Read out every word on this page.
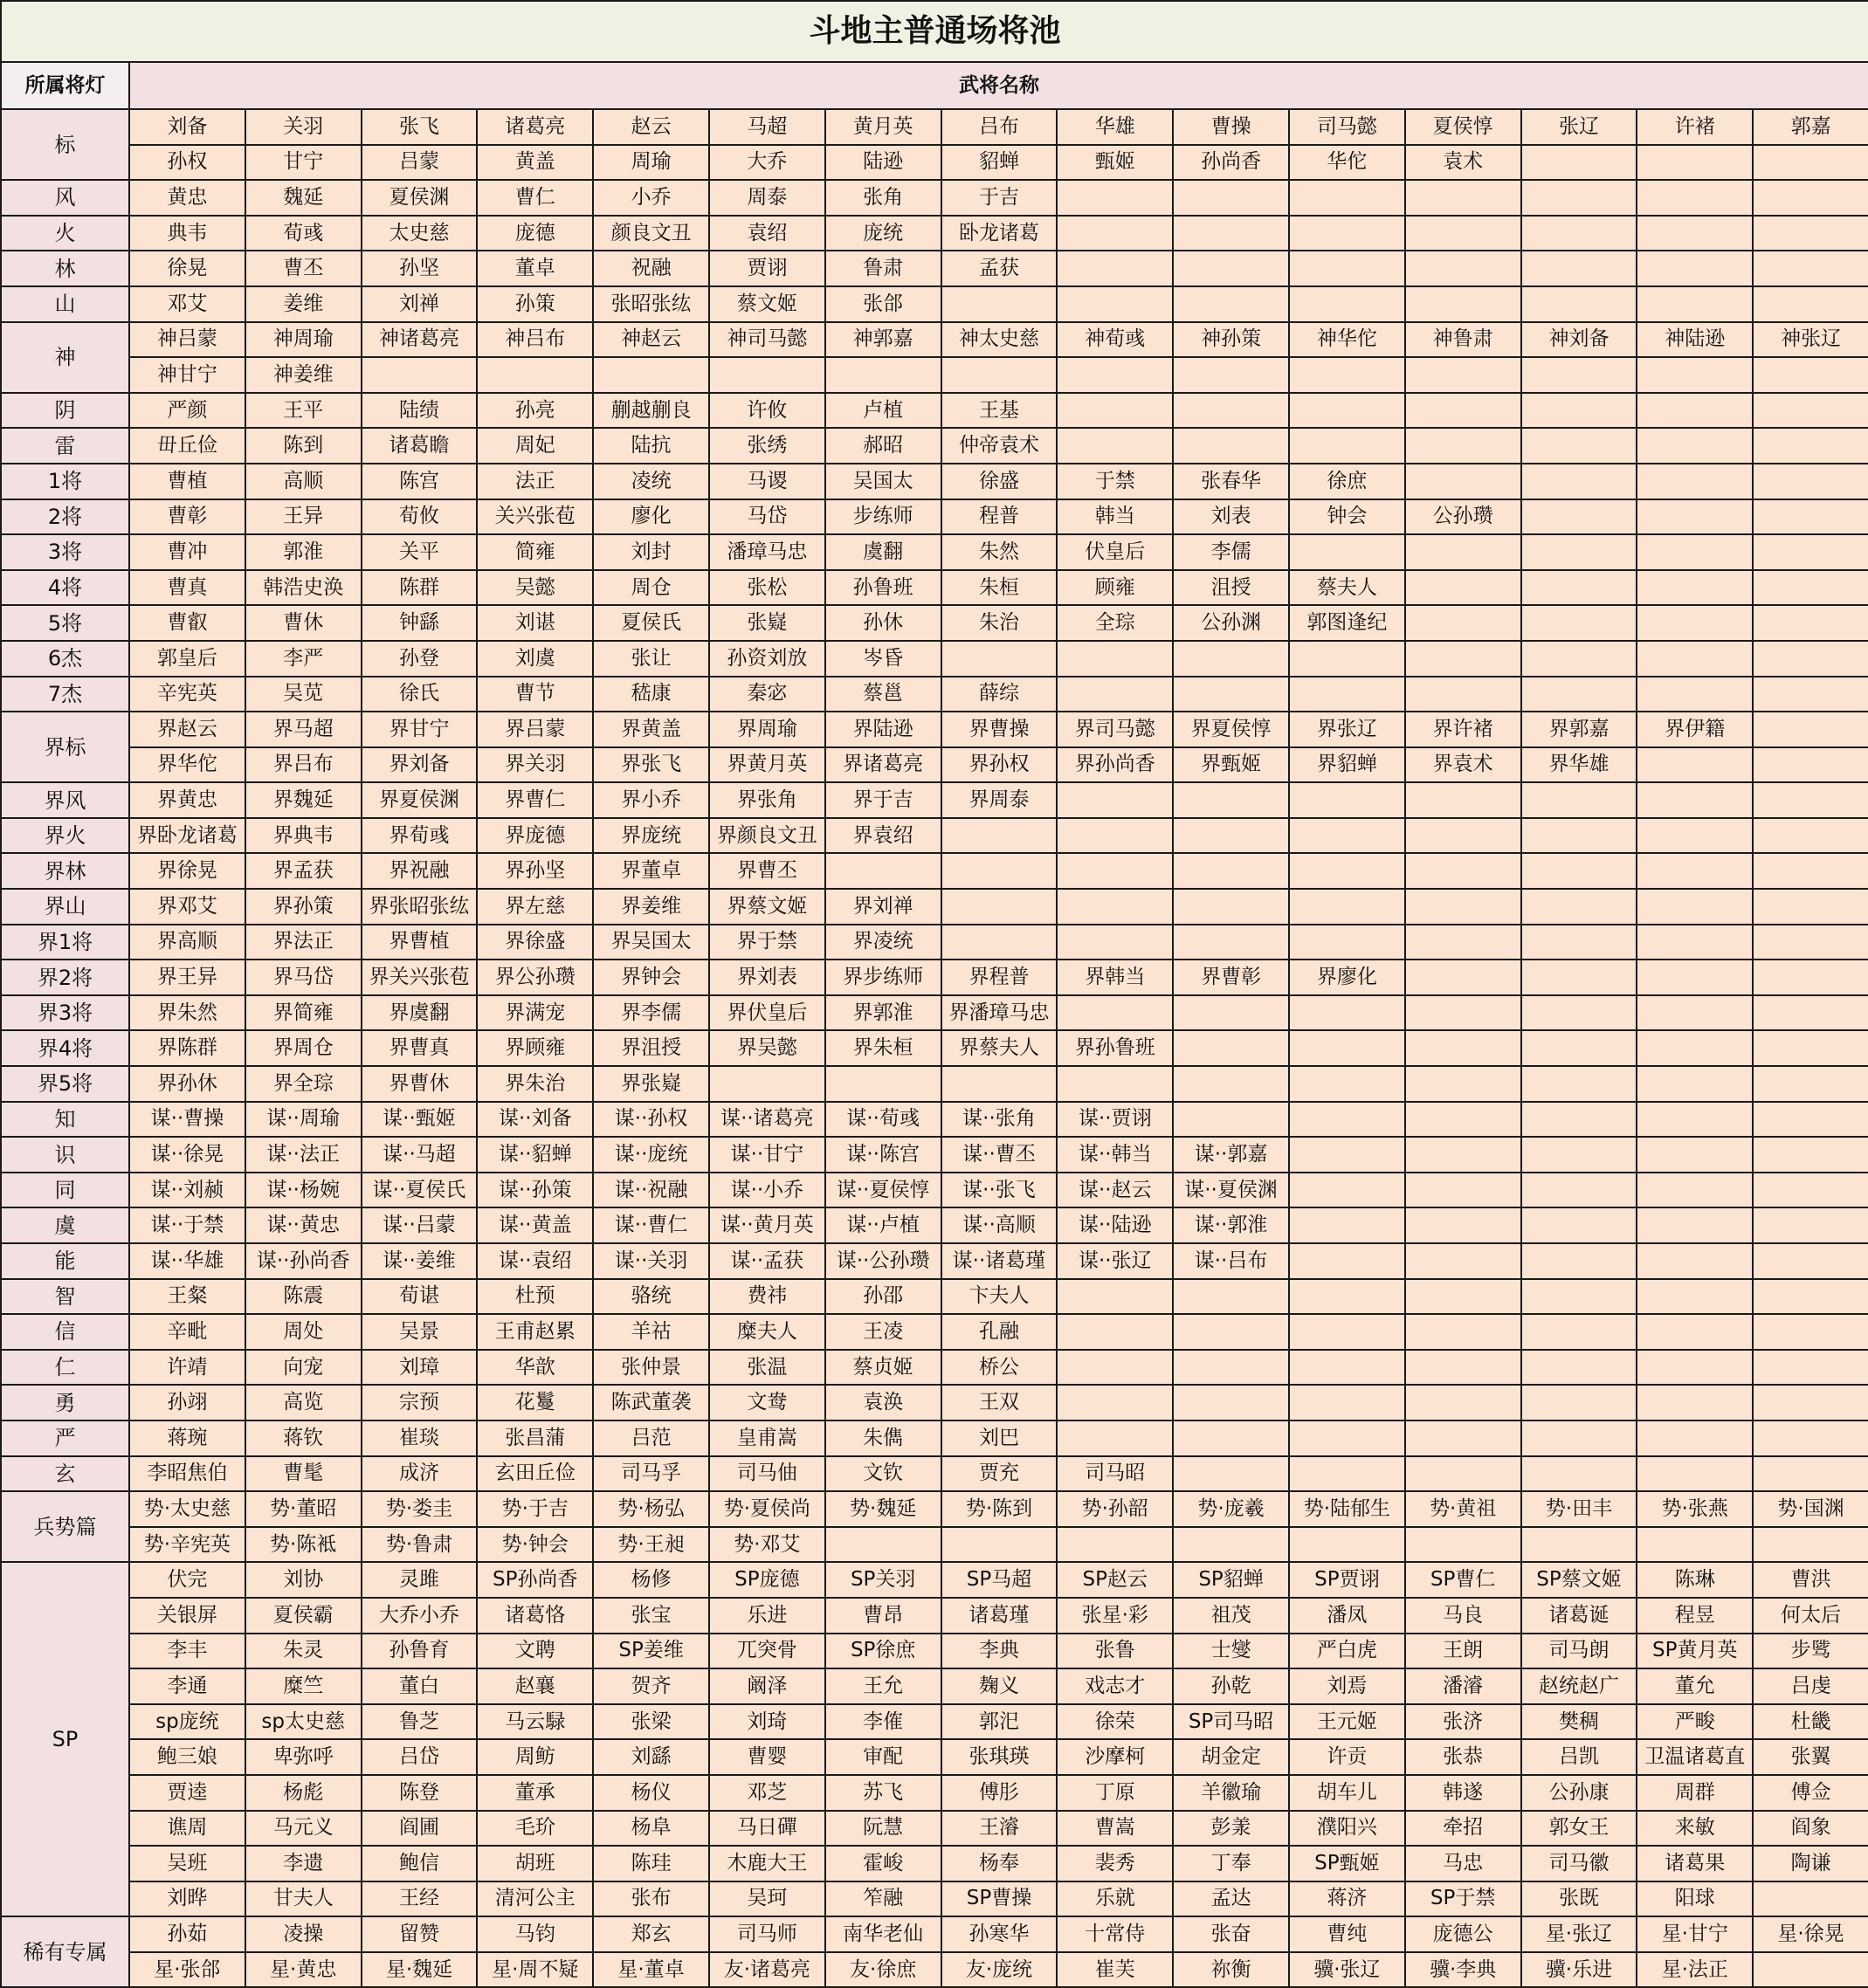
斗地主普通场将池															
所属将灯	武将名称														
标	刘备	关羽	张飞	诸葛亮	赵云	马超	黄月英	吕布	华雄	曹操	司马懿	夏侯惇	张辽	许褚	郭嘉
	孙权	甘宁	吕蒙	黄盖	周瑜	大乔	陆逊	貂蝉	甄姬	孙尚香	华佗	袁术			
风	黄忠	魏延	夏侯渊	曹仁	小乔	周泰	张角	于吉							
火	典韦	荀彧	太史慈	庞德	颜良文丑	袁绍	庞统	卧龙诸葛							
林	徐晃	曹丕	孙坚	董卓	祝融	贾诩	鲁肃	孟获							
山	邓艾	姜维	刘禅	孙策	张昭张纮	蔡文姬	张郃								
神	神吕蒙	神周瑜	神诸葛亮	神吕布	神赵云	神司马懿	神郭嘉	神太史慈	神荀彧	神孙策	神华佗	神鲁肃	神刘备	神陆逊	神张辽
	神甘宁	神姜维													
阴	严颜	王平	陆绩	孙亮	蒯越蒯良	许攸	卢植	王基							
雷	毌丘俭	陈到	诸葛瞻	周妃	陆抗	张绣	郝昭	仲帝袁术							
1将	曹植	高顺	陈宫	法正	凌统	马谡	吴国太	徐盛	于禁	张春华	徐庶				
2将	曹彰	王异	荀攸	关兴张苞	廖化	马岱	步练师	程普	韩当	刘表	钟会	公孙瓒			
3将	曹冲	郭淮	关平	简雍	刘封	潘璋马忠	虞翻	朱然	伏皇后	李儒					
4将	曹真	韩浩史涣	陈群	吴懿	周仓	张松	孙鲁班	朱桓	顾雍	沮授	蔡夫人				
5将	曹叡	曹休	钟繇	刘谌	夏侯氏	张嶷	孙休	朱治	全琮	公孙渊	郭图逢纪				
6杰	郭皇后	李严	孙登	刘虞	张让	孙资刘放	岑昏								
7杰	辛宪英	吴苋	徐氏	曹节	嵇康	秦宓	蔡邕	薛综							
界标	界赵云	界马超	界甘宁	界吕蒙	界黄盖	界周瑜	界陆逊	界曹操	界司马懿	界夏侯惇	界张辽	界许褚	界郭嘉	界伊籍	
	界华佗	界吕布	界刘备	界关羽	界张飞	界黄月英	界诸葛亮	界孙权	界孙尚香	界甄姬	界貂蝉	界袁术	界华雄		
界风	界黄忠	界魏延	界夏侯渊	界曹仁	界小乔	界张角	界于吉	界周泰							
界火	界卧龙诸葛	界典韦	界荀彧	界庞德	界庞统	界颜良文丑	界袁绍								
界林	界徐晃	界孟获	界祝融	界孙坚	界董卓	界曹丕									
界山	界邓艾	界孙策	界张昭张纮	界左慈	界姜维	界蔡文姬	界刘禅								
界1将	界高顺	界法正	界曹植	界徐盛	界吴国太	界于禁	界凌统								
界2将	界王异	界马岱	界关兴张苞	界公孙瓒	界钟会	界刘表	界步练师	界程普	界韩当	界曹彰	界廖化				
界3将	界朱然	界简雍	界虞翻	界满宠	界李儒	界伏皇后	界郭淮	界潘璋马忠							
界4将	界陈群	界周仓	界曹真	界顾雍	界沮授	界吴懿	界朱桓	界蔡夫人	界孙鲁班						
界5将	界孙休	界全琮	界曹休	界朱治	界张嶷										
知	谋··曹操	谋··周瑜	谋··甄姬	谋··刘备	谋··孙权	谋··诸葛亮	谋··荀彧	谋··张角	谋··贾诩						
识	谋··徐晃	谋··法正	谋··马超	谋··貂蝉	谋··庞统	谋··甘宁	谋··陈宫	谋··曹丕	谋··韩当	谋··郭嘉					
同	谋··刘赪	谋··杨婉	谋··夏侯氏	谋··孙策	谋··祝融	谋··小乔	谋··夏侯惇	谋··张飞	谋··赵云	谋··夏侯渊					
虞	谋··于禁	谋··黄忠	谋··吕蒙	谋··黄盖	谋··曹仁	谋··黄月英	谋··卢植	谋··高顺	谋··陆逊	谋··郭淮					
能	谋··华雄	谋··孙尚香	谋··姜维	谋··袁绍	谋··关羽	谋··孟获	谋··公孙瓒	谋··诸葛瑾	谋··张辽	谋··吕布					
智	王粲	陈震	荀谌	杜预	骆统	费祎	孙邵	卞夫人							
信	辛毗	周处	吴景	王甫赵累	羊祜	糜夫人	王凌	孔融							
仁	许靖	向宠	刘璋	华歆	张仲景	张温	蔡贞姬	桥公							
勇	孙翊	高览	宗预	花鬘	陈武董袭	文鸯	袁涣	王双							
严	蒋琬	蒋钦	崔琰	张昌蒲	吕范	皇甫嵩	朱儁	刘巴							
玄	李昭焦伯	曹髦	成济	玄田丘俭	司马孚	司马伷	文钦	贾充	司马昭						
兵势篇	势·太史慈	势·董昭	势·娄圭	势·于吉	势·杨弘	势·夏侯尚	势·魏延	势·陈到	势·孙韶	势·庞羲	势·陆郁生	势·黄祖	势·田丰	势·张燕	势·国渊
	势·辛宪英	势·陈袛	势·鲁肃	势·钟会	势·王昶	势·邓艾									
SP	伏完	刘协	灵雎	SP孙尚香	杨修	SP庞德	SP关羽	SP马超	SP赵云	SP貂蝉	SP贾诩	SP曹仁	SP蔡文姬	陈琳	曹洪
	关银屏	夏侯霸	大乔小乔	诸葛恪	张宝	乐进	曹昂	诸葛瑾	张星·彩	祖茂	潘凤	马良	诸葛诞	程昱	何太后
	李丰	朱灵	孙鲁育	文聘	SP姜维	兀突骨	SP徐庶	李典	张鲁	士燮	严白虎	王朗	司马朗	SP黄月英	步骘
	李通	糜竺	董白	赵襄	贺齐	阚泽	王允	麹义	戏志才	孙乾	刘焉	潘濬	赵统赵广	董允	吕虔
	sp庞统	sp太史慈	鲁芝	马云騄	张梁	刘琦	李傕	郭汜	徐荣	SP司马昭	王元姬	张济	樊稠	严畯	杜畿
	鲍三娘	卑弥呼	吕岱	周鲂	刘繇	曹婴	审配	张琪瑛	沙摩柯	胡金定	许贡	张恭	吕凯	卫温诸葛直	张翼
	贾逵	杨彪	陈登	董承	杨仪	邓芝	苏飞	傅肜	丁原	羊徽瑜	胡车儿	韩遂	公孙康	周群	傅佥
	谯周	马元义	阎圃	毛玠	杨阜	马日磾	阮慧	王濬	曹嵩	彭羕	濮阳兴	牵招	郭女王	来敏	阎象
	吴班	李遗	鲍信	胡班	陈珪	木鹿大王	霍峻	杨奉	裴秀	丁奉	SP甄姬	马忠	司马徽	诸葛果	陶谦
	刘晔	甘夫人	王经	清河公主	张布	吴珂	笮融	SP曹操	乐就	孟达	蒋济	SP于禁	张既	阳球	
稀有专属	孙茹	凌操	留赞	马钧	郑玄	司马师	南华老仙	孙寒华	十常侍	张奋	曹纯	庞德公	星·张辽	星·甘宁	星·徐晃
	星·张郃	星·黄忠	星·魏延	星·周不疑	星·董卓	友·诸葛亮	友·徐庶	友·庞统	崔芙	祢衡	骥·张辽	骥·李典	骥·乐进	星·法正	
